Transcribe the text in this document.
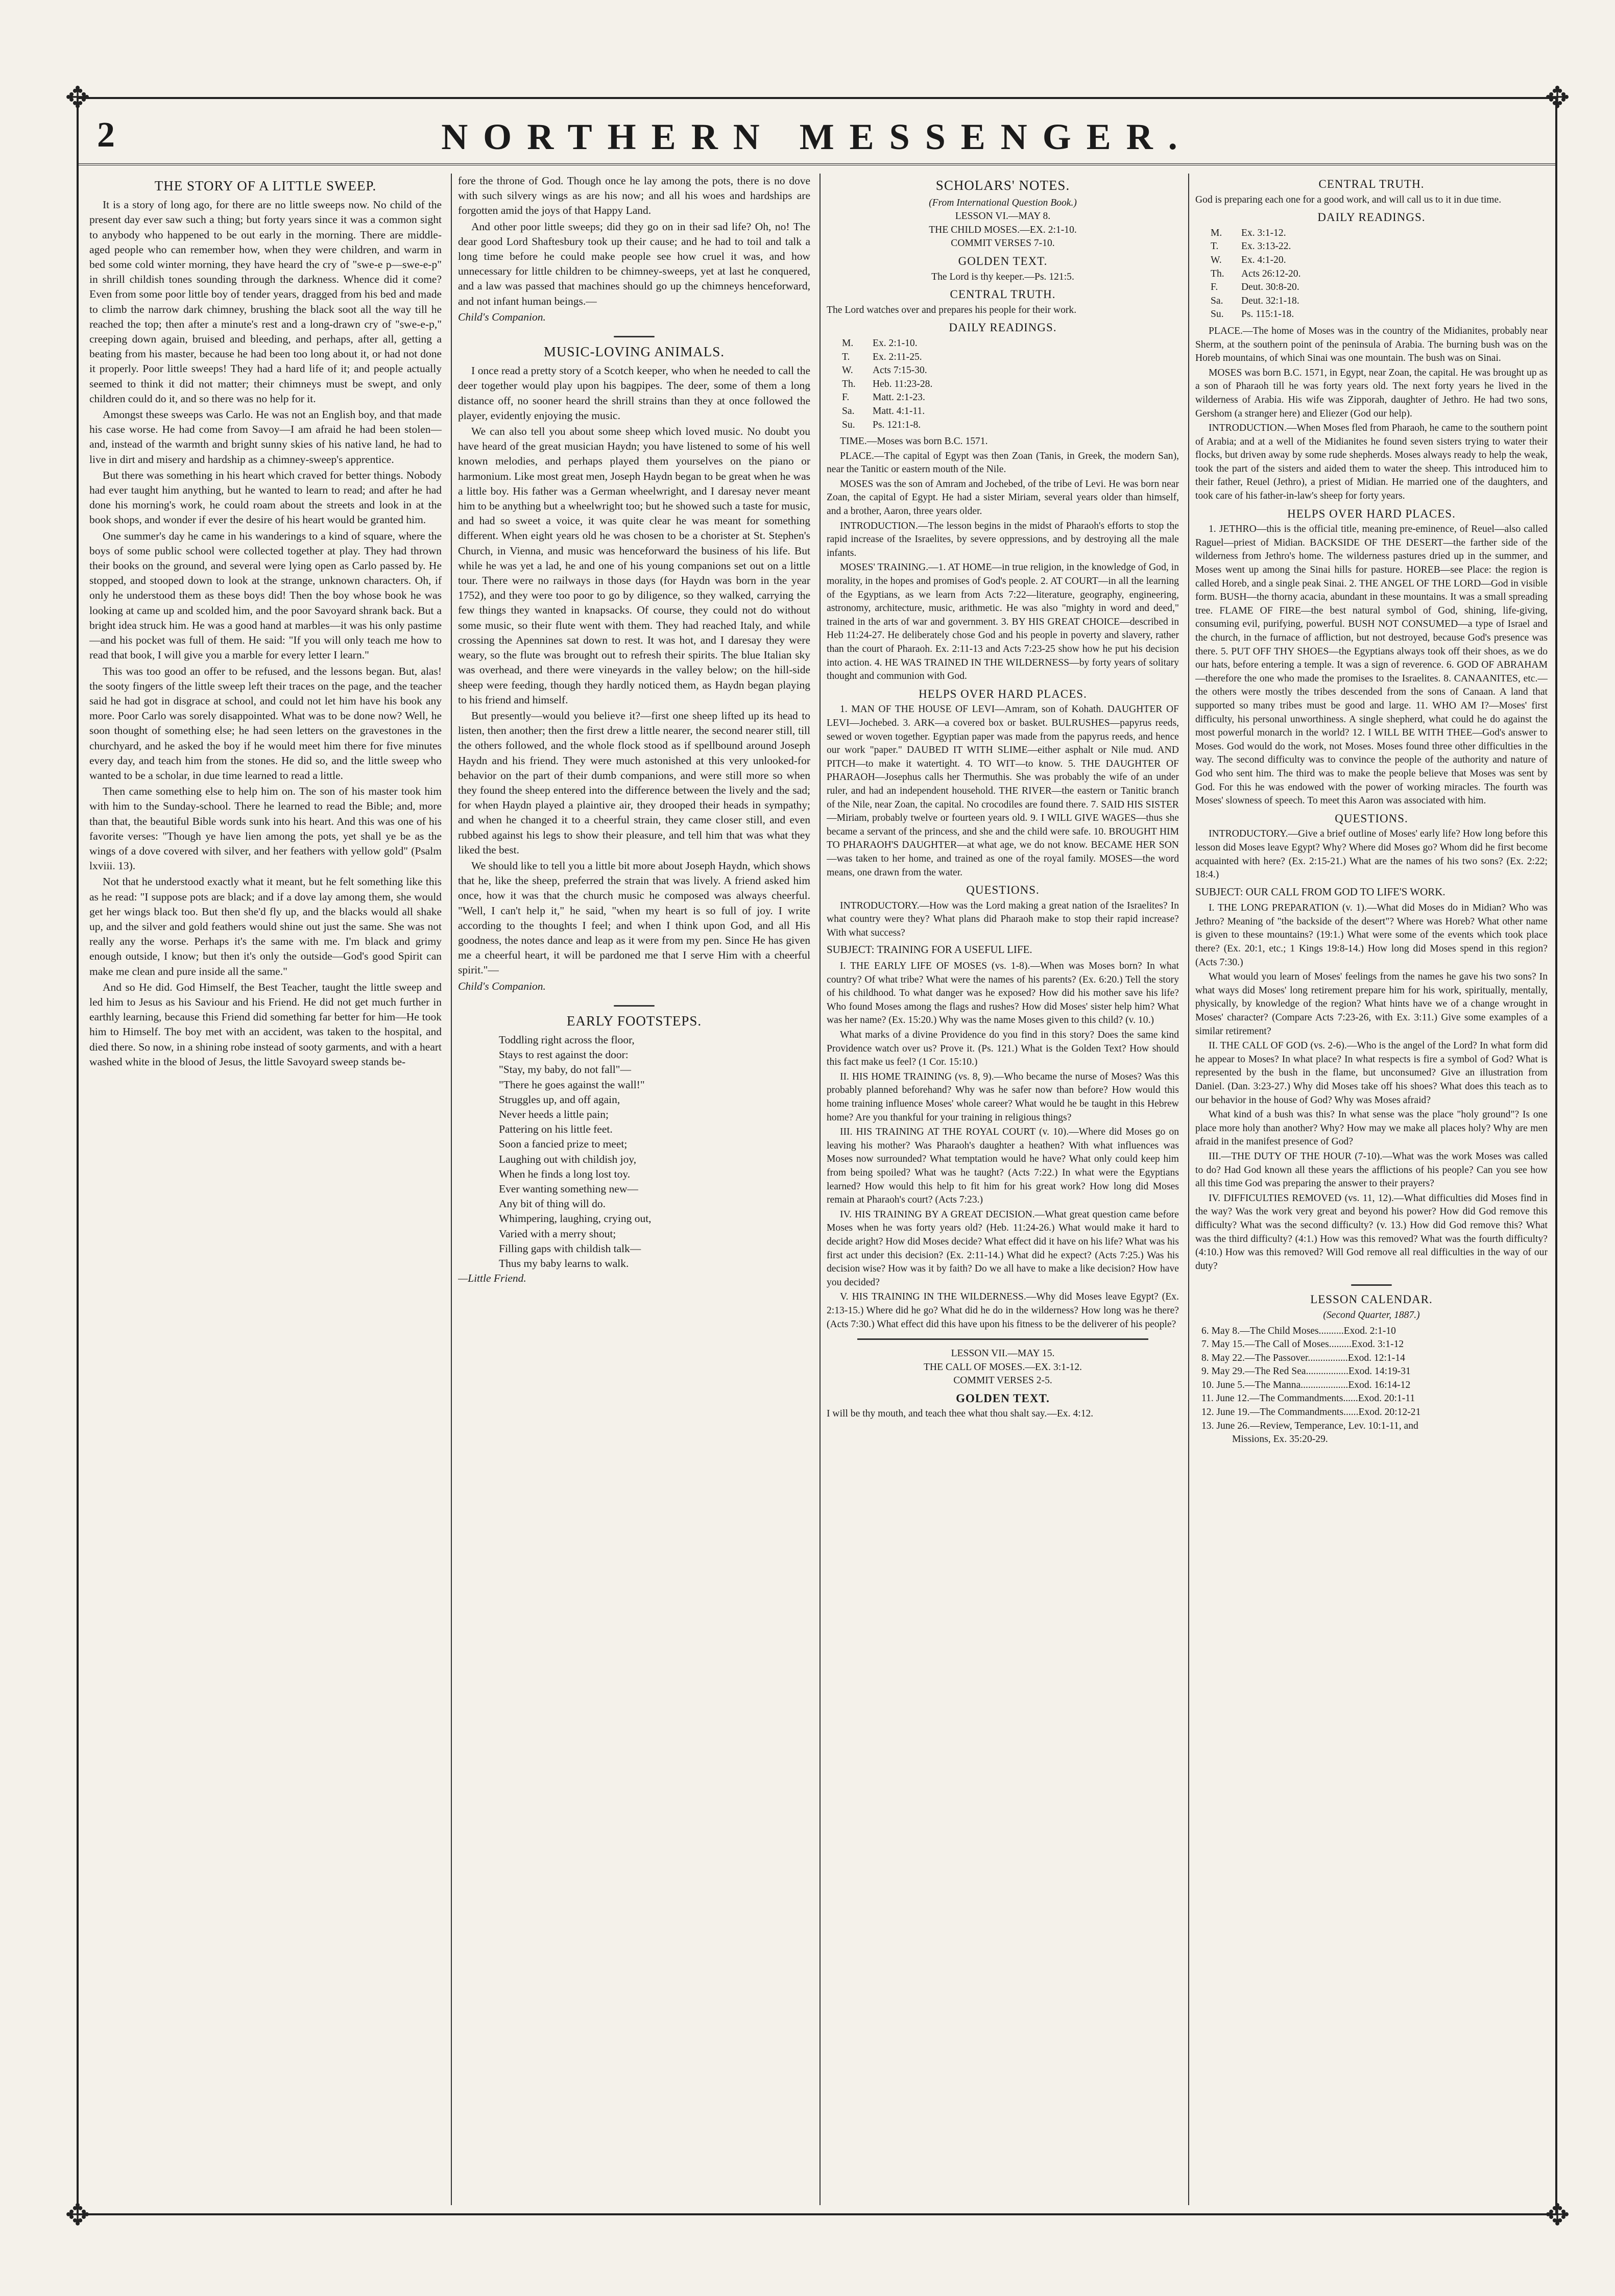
✥	✥
✥	✥
2	NORTHERN MESSENGER.
THE STORY OF A LITTLE SWEEP.

It is a story of long ago, for there are no little sweeps now. No child of the present day ever saw such a thing; but forty years since it was a common sight to anybody who happened to be out early in the morning. There are middle-aged people who can remember how, when they were children, and warm in bed some cold winter morning, they have heard the cry of "swe-e p—swe-e-p" in shrill childish tones sounding through the darkness. Whence did it come? Even from some poor little boy of tender years, dragged from his bed and made to climb the narrow dark chimney, brushing the black soot all the way till he reached the top; then after a minute's rest and a long-drawn cry of "swe-e-p," creeping down again, bruised and bleeding, and perhaps, after all, getting a beating from his master, because he had been too long about it, or had not done it properly. Poor little sweeps! They had a hard life of it; and people actually seemed to think it did not matter; their chimneys must be swept, and only children could do it, and so there was no help for it.

Amongst these sweeps was Carlo. He was not an English boy, and that made his case worse. He had come from Savoy—I am afraid he had been stolen—and, instead of the warmth and bright sunny skies of his native land, he had to live in dirt and misery and hardship as a chimney-sweep's apprentice.

But there was something in his heart which craved for better things. Nobody had ever taught him anything, but he wanted to learn to read; and after he had done his morning's work, he could roam about the streets and look in at the book shops, and wonder if ever the desire of his heart would be granted him.

One summer's day he came in his wanderings to a kind of square, where the boys of some public school were collected together at play. They had thrown their books on the ground, and several were lying open as Carlo passed by. He stopped, and stooped down to look at the strange, unknown characters. Oh, if only he understood them as these boys did! Then the boy whose book he was looking at came up and scolded him, and the poor Savoyard shrank back. But a bright idea struck him. He was a good hand at marbles—it was his only pastime—and his pocket was full of them. He said: "If you will only teach me how to read that book, I will give you a marble for every letter I learn."

This was too good an offer to be refused, and the lessons began. But, alas! the sooty fingers of the little sweep left their traces on the page, and the teacher said he had got in disgrace at school, and could not let him have his book any more. Poor Carlo was sorely disappointed. What was to be done now? Well, he soon thought of something else; he had seen letters on the gravestones in the churchyard, and he asked the boy if he would meet him there for five minutes every day, and teach him from the stones. He did so, and the little sweep who wanted to be a scholar, in due time learned to read a little.

Then came something else to help him on. The son of his master took him with him to the Sunday-school. There he learned to read the Bible; and, more than that, the beautiful Bible words sunk into his heart. And this was one of his favorite verses: "Though ye have lien among the pots, yet shall ye be as the wings of a dove covered with silver, and her feathers with yellow gold" (Psalm lxviii. 13).

Not that he understood exactly what it meant, but he felt something like this as he read: "I suppose pots are black; and if a dove lay among them, she would get her wings black too. But then she'd fly up, and the blacks would all shake up, and the silver and gold feathers would shine out just the same. She was not really any the worse. Perhaps it's the same with me. I'm black and grimy enough outside, I know; but then it's only the outside—God's good Spirit can make me clean and pure inside all the same."

And so He did. God Himself, the Best Teacher, taught the little sweep and led him to Jesus as his Saviour and his Friend. He did not get much further in earthly learning, because this Friend did something far better for him—He took him to Himself. The boy met with an accident, was taken to the hospital, and died there. So now, in a shining robe instead of sooty garments, and with a heart washed white in the blood of Jesus, the little Savoyard sweep stands be-

fore the throne of God. Though once he lay among the pots, there is no dove with such silvery wings as are his now; and all his woes and hardships are forgotten amid the joys of that Happy Land.

And other poor little sweeps; did they go on in their sad life? Oh, no! The dear good Lord Shaftesbury took up their cause; and he had to toil and talk a long time before he could make people see how cruel it was, and how unnecessary for little children to be chimney-sweeps, yet at last he conquered, and a law was passed that machines should go up the chimneys henceforward, and not infant human beings.—

Child's Companion.
MUSIC-LOVING ANIMALS.

I once read a pretty story of a Scotch keeper, who when he needed to call the deer together would play upon his bagpipes. The deer, some of them a long distance off, no sooner heard the shrill strains than they at once followed the player, evidently enjoying the music.

We can also tell you about some sheep which loved music. No doubt you have heard of the great musician Haydn; you have listened to some of his well known melodies, and perhaps played them yourselves on the piano or harmonium. Like most great men, Joseph Haydn began to be great when he was a little boy. His father was a German wheelwright, and I daresay never meant him to be anything but a wheelwright too; but he showed such a taste for music, and had so sweet a voice, it was quite clear he was meant for something different. When eight years old he was chosen to be a chorister at St. Stephen's Church, in Vienna, and music was henceforward the business of his life. But while he was yet a lad, he and one of his young companions set out on a little tour. There were no railways in those days (for Haydn was born in the year 1752), and they were too poor to go by diligence, so they walked, carrying the few things they wanted in knapsacks. Of course, they could not do without some music, so their flute went with them. They had reached Italy, and while crossing the Apennines sat down to rest. It was hot, and I daresay they were weary, so the flute was brought out to refresh their spirits. The blue Italian sky was overhead, and there were vineyards in the valley below; on the hill-side sheep were feeding, though they hardly noticed them, as Haydn began playing to his friend and himself.

But presently—would you believe it?—first one sheep lifted up its head to listen, then another; then the first drew a little nearer, the second nearer still, till the others followed, and the whole flock stood as if spellbound around Joseph Haydn and his friend. They were much astonished at this very unlooked-for behavior on the part of their dumb companions, and were still more so when they found the sheep entered into the difference between the lively and the sad; for when Haydn played a plaintive air, they drooped their heads in sympathy; and when he changed it to a cheerful strain, they came closer still, and even rubbed against his legs to show their pleasure, and tell him that was what they liked the best.

We should like to tell you a little bit more about Joseph Haydn, which shows that he, like the sheep, preferred the strain that was lively. A friend asked him once, how it was that the church music he composed was always cheerful. "Well, I can't help it," he said, "when my heart is so full of joy. I write according to the thoughts I feel; and when I think upon God, and all His goodness, the notes dance and leap as it were from my pen. Since He has given me a cheerful heart, it will be pardoned me that I serve Him with a cheerful spirit."—

Child's Companion.
EARLY FOOTSTEPS.
Toddling right across the floor,
Stays to rest against the door:
"Stay, my baby, do not fall"—
"There he goes against the wall!"
Struggles up, and off again,
Never heeds a little pain;
Pattering on his little feet.
Soon a fancied prize to meet;
Laughing out with childish joy,
When he finds a long lost toy.
Ever wanting something new—
Any bit of thing will do.
Whimpering, laughing, crying out,
Varied with a merry shout;
Filling gaps with childish talk—
Thus my baby learns to walk.
—Little Friend.
SCHOLARS' NOTES.
(From International Question Book.)
LESSON VI.—MAY 8.
THE CHILD MOSES.—EX. 2:1-10.
COMMIT VERSES 7-10.
GOLDEN TEXT.
The Lord is thy keeper.—Ps. 121:5.
CENTRAL TRUTH.

The Lord watches over and prepares his people for their work.

DAILY READINGS.
M. Ex. 2:1-10.
T. Ex. 2:11-25.
W. Acts 7:15-30.
Th. Heb. 11:23-28.
F. Matt. 2:1-23.
Sa. Matt. 4:1-11.
Su. Ps. 121:1-8.

TIME.—Moses was born B.C. 1571.

PLACE.—The capital of Egypt was then Zoan (Tanis, in Greek, the modern San), near the Tanitic or eastern mouth of the Nile.

MOSES was the son of Amram and Jochebed, of the tribe of Levi. He was born near Zoan, the capital of Egypt. He had a sister Miriam, several years older than himself, and a brother, Aaron, three years older.

INTRODUCTION.—The lesson begins in the midst of Pharaoh's efforts to stop the rapid increase of the Israelites, by severe oppressions, and by destroying all the male infants.

MOSES' TRAINING.—1. AT HOME—in true religion, in the knowledge of God, in morality, in the hopes and promises of God's people. 2. AT COURT—in all the learning of the Egyptians, as we learn from Acts 7:22—literature, geography, engineering, astronomy, architecture, music, arithmetic. He was also "mighty in word and deed," trained in the arts of war and government. 3. BY HIS GREAT CHOICE—described in Heb 11:24-27. He deliberately chose God and his people in poverty and slavery, rather than the court of Pharaoh. Ex. 2:11-13 and Acts 7:23-25 show how he put his decision into action. 4. HE WAS TRAINED IN THE WILDERNESS—by forty years of solitary thought and communion with God.

HELPS OVER HARD PLACES.

1. MAN OF THE HOUSE OF LEVI—Amram, son of Kohath. DAUGHTER OF LEVI—Jochebed. 3. ARK—a covered box or basket. BULRUSHES—papyrus reeds, sewed or woven together. Egyptian paper was made from the papyrus reeds, and hence our work "paper." DAUBED IT WITH SLIME—either asphalt or Nile mud. AND PITCH—to make it watertight. 4. TO WIT—to know. 5. THE DAUGHTER OF PHARAOH—Josephus calls her Thermuthis. She was probably the wife of an under ruler, and had an independent household. THE RIVER—the eastern or Tanitic branch of the Nile, near Zoan, the capital. No crocodiles are found there. 7. SAID HIS SISTER—Miriam, probably twelve or fourteen years old. 9. I WILL GIVE WAGES—thus she became a servant of the princess, and she and the child were safe. 10. BROUGHT HIM TO PHARAOH'S DAUGHTER—at what age, we do not know. BECAME HER SON—was taken to her home, and trained as one of the royal family. MOSES—the word means, one drawn from the water.

QUESTIONS.

INTRODUCTORY.—How was the Lord making a great nation of the Israelites? In what country were they? What plans did Pharaoh make to stop their rapid increase? With what success?

SUBJECT: TRAINING FOR A USEFUL LIFE.

I. THE EARLY LIFE OF MOSES (vs. 1-8).—When was Moses born? In what country? Of what tribe? What were the names of his parents? (Ex. 6:20.) Tell the story of his childhood. To what danger was he exposed? How did his mother save his life? Who found Moses among the flags and rushes? How did Moses' sister help him? What was her name? (Ex. 15:20.) Why was the name Moses given to this child? (v. 10.)

What marks of a divine Providence do you find in this story? Does the same kind Providence watch over us? Prove it. (Ps. 121.) What is the Golden Text? How should this fact make us feel? (1 Cor. 15:10.)

II. HIS HOME TRAINING (vs. 8, 9).—Who became the nurse of Moses? Was this probably planned beforehand? Why was he safer now than before? How would this home training influence Moses' whole career? What would he be taught in this Hebrew home? Are you thankful for your training in religious things?

III. HIS TRAINING AT THE ROYAL COURT (v. 10).—Where did Moses go on leaving his mother? Was Pharaoh's daughter a heathen? With what influences was Moses now surrounded? What temptation would he have? What only could keep him from being spoiled? What was he taught? (Acts 7:22.) In what were the Egyptians learned? How would this help to fit him for his great work? How long did Moses remain at Pharaoh's court? (Acts 7:23.)

IV. HIS TRAINING BY A GREAT DECISION.—What great question came before Moses when he was forty years old? (Heb. 11:24-26.) What would make it hard to decide aright? How did Moses decide? What effect did it have on his life? What was his first act under this decision? (Ex. 2:11-14.) What did he expect? (Acts 7:25.) Was his decision wise? How was it by faith? Do we all have to make a like decision? How have you decided?

V. HIS TRAINING IN THE WILDERNESS.—Why did Moses leave Egypt? (Ex. 2:13-15.) Where did he go? What did he do in the wilderness? How long was he there? (Acts 7:30.) What effect did this have upon his fitness to be the deliverer of his people?

LESSON VII.—MAY 15.
THE CALL OF MOSES.—EX. 3:1-12.
COMMIT VERSES 2-5.
GOLDEN TEXT.

I will be thy mouth, and teach thee what thou shalt say.—Ex. 4:12.

CENTRAL TRUTH.

God is preparing each one for a good work, and will call us to it in due time.

DAILY READINGS.
M. Ex. 3:1-12.
T. Ex. 3:13-22.
W. Ex. 4:1-20.
Th. Acts 26:12-20.
F. Deut. 30:8-20.
Sa. Deut. 32:1-18.
Su. Ps. 115:1-18.

PLACE.—The home of Moses was in the country of the Midianites, probably near Sherm, at the southern point of the peninsula of Arabia. The burning bush was on the Horeb mountains, of which Sinai was one mountain. The bush was on Sinai.

MOSES was born B.C. 1571, in Egypt, near Zoan, the capital. He was brought up as a son of Pharaoh till he was forty years old. The next forty years he lived in the wilderness of Arabia. His wife was Zipporah, daughter of Jethro. He had two sons, Gershom (a stranger here) and Eliezer (God our help).

INTRODUCTION.—When Moses fled from Pharaoh, he came to the southern point of Arabia; and at a well of the Midianites he found seven sisters trying to water their flocks, but driven away by some rude shepherds. Moses always ready to help the weak, took the part of the sisters and aided them to water the sheep. This introduced him to their father, Reuel (Jethro), a priest of Midian. He married one of the daughters, and took care of his father-in-law's sheep for forty years.

HELPS OVER HARD PLACES.

1. JETHRO—this is the official title, meaning pre-eminence, of Reuel—also called Raguel—priest of Midian. BACKSIDE OF THE DESERT—the farther side of the wilderness from Jethro's home. The wilderness pastures dried up in the summer, and Moses went up among the Sinai hills for pasture. HOREB—see Place: the region is called Horeb, and a single peak Sinai. 2. THE ANGEL OF THE LORD—God in visible form. BUSH—the thorny acacia, abundant in these mountains. It was a small spreading tree. FLAME OF FIRE—the best natural symbol of God, shining, life-giving, consuming evil, purifying, powerful. BUSH NOT CONSUMED—a type of Israel and the church, in the furnace of affliction, but not destroyed, because God's presence was there. 5. PUT OFF THY SHOES—the Egyptians always took off their shoes, as we do our hats, before entering a temple. It was a sign of reverence. 6. GOD OF ABRAHAM—therefore the one who made the promises to the Israelites. 8. CANAANITES, etc.—the others were mostly the tribes descended from the sons of Canaan. A land that supported so many tribes must be good and large. 11. WHO AM I?—Moses' first difficulty, his personal unworthiness. A single shepherd, what could he do against the most powerful monarch in the world? 12. I WILL BE WITH THEE—God's answer to Moses. God would do the work, not Moses. Moses found three other difficulties in the way. The second difficulty was to convince the people of the authority and nature of God who sent him. The third was to make the people believe that Moses was sent by God. For this he was endowed with the power of working miracles. The fourth was Moses' slowness of speech. To meet this Aaron was associated with him.

QUESTIONS.

INTRODUCTORY.—Give a brief outline of Moses' early life? How long before this lesson did Moses leave Egypt? Why? Where did Moses go? Whom did he first become acquainted with here? (Ex. 2:15-21.) What are the names of his two sons? (Ex. 2:22; 18:4.)

SUBJECT: OUR CALL FROM GOD TO LIFE'S WORK.

I. THE LONG PREPARATION (v. 1).—What did Moses do in Midian? Who was Jethro? Meaning of "the backside of the desert"? Where was Horeb? What other name is given to these mountains? (19:1.) What were some of the events which took place there? (Ex. 20:1, etc.; 1 Kings 19:8-14.) How long did Moses spend in this region? (Acts 7:30.)

What would you learn of Moses' feelings from the names he gave his two sons? In what ways did Moses' long retirement prepare him for his work, spiritually, mentally, physically, by knowledge of the region? What hints have we of a change wrought in Moses' character? (Compare Acts 7:23-26, with Ex. 3:11.) Give some examples of a similar retirement?

II. THE CALL OF GOD (vs. 2-6).—Who is the angel of the Lord? In what form did he appear to Moses? In what place? In what respects is fire a symbol of God? What is represented by the bush in the flame, but unconsumed? Give an illustration from Daniel. (Dan. 3:23-27.) Why did Moses take off his shoes? What does this teach as to our behavior in the house of God? Why was Moses afraid?

What kind of a bush was this? In what sense was the place "holy ground"? Is one place more holy than another? Why? How may we make all places holy? Why are men afraid in the manifest presence of God?

III.—THE DUTY OF THE HOUR (7-10).—What was the work Moses was called to do? Had God known all these years the afflictions of his people? Can you see how all this time God was preparing the answer to their prayers?

IV. DIFFICULTIES REMOVED (vs. 11, 12).—What difficulties did Moses find in the way? Was the work very great and beyond his power? How did God remove this difficulty? What was the second difficulty? (v. 13.) How did God remove this? What was the third difficulty? (4:1.) How was this removed? What was the fourth difficulty? (4:10.) How was this removed? Will God remove all real difficulties in the way of our duty?

LESSON CALENDAR.
(Second Quarter, 1887.)
6. May 8.—The Child Moses..........Exod. 2:1-10
7. May 15.—The Call of Moses.........Exod. 3:1-12
8. May 22.—The Passover................Exod. 12:1-14
9. May 29.—The Red Sea.................Exod. 14:19-31
10. June 5.—The Manna...................Exod. 16:14-12
11. June 12.—The Commandments......Exod. 20:1-11
12. June 19.—The Commandments......Exod. 20:12-21
13. June 26.—Review, Temperance, Lev. 10:1-11, and
Missions, Ex. 35:20-29.
